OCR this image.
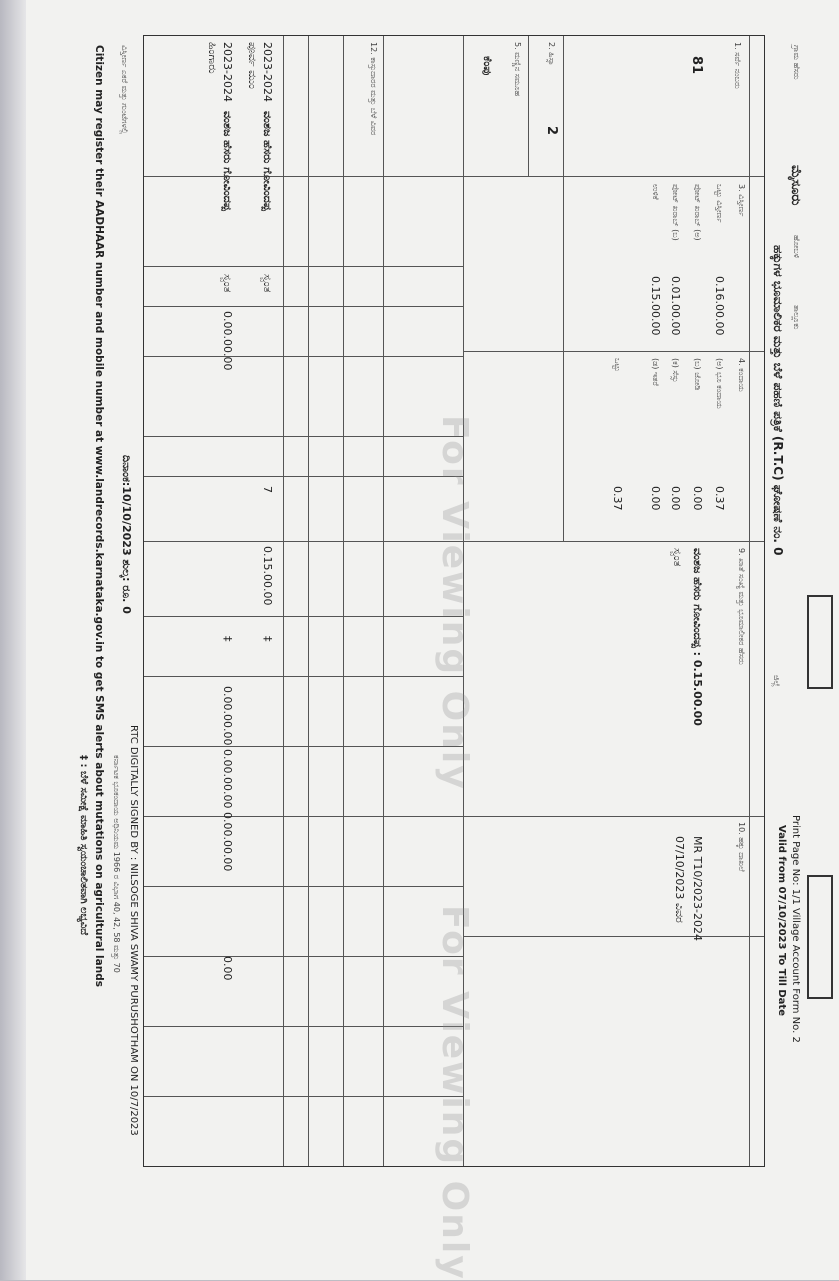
ಗ್ರಾಮ ಹೆಸರು
ಮೈಸೂರು
ಹೋಬಳಿ
ತಾಲ್ಲೂಕು
ಹಕ್ಕುಗಳ ಭೂಮಾಲಿಕರ ಮತ್ತು ಬೆಳೆ ಪಹಣಿ ಪತ್ರಿಕೆ (R.T.C) ಘೋಷಣೆ ನಂ. 0
ಜಿಲ್ಲೆ
Print Page No: 1/1 Village Account Form No. 2
Valid from 07/10/2023 To Till Date
1. ಸರ್ವೆ ನಂಬರು
81
2. ಹಿಸ್ಸಾ
2
5. ಮಣ್ಣಿನ ಸಮೂಹ
ಕೆಂಪು
3. ವಿಸ್ತೀರ್ಣ
ಒಟ್ಟು ವಿಸ್ತೀರ್ಣ
0.16.00.00
ಪೋಟ್ ಖರಾಬ್ (ಅ)
ಪೋಟ್ ಖರಾಬ್ (ಬ)
0.01.00.00
ಉಳಿಕೆ
0.15.00.00
4. ಕಂದಾಯ
(ಅ) ಭೂ ಕಂದಾಯ
0.37
(ಬ) ಜೋಡಿ
0.00
(ಕ) ಸೆಸ್ಸು
0.00
(ಡ) ಇತರೆ
0.00
ಒಟ್ಟು
0.37
9. ಖಾತೆ ಸಂಖ್ಯೆ ಮತ್ತು ಭೂಮಾಲೀಕರ ಹೆಸರು
ವಂಶಜ ಹೆಸರು ಗೋವಿಂದಪ್ಪ : 0.15.00.00
ಸ್ವಂತ
10. ಹಕ್ಕು ದಾಖಲೆ
MR T10/2023-2024
07/10/2023 ವಿವರ
12. ಕಾಸ್ತುದಾರರ ಮತ್ತು ಬೆಳೆ ವಿವರ
2023-2024
ಪೂರ್ವ ಮುಂ
ವಂಶಜ ಹೆಸರು ಗೋವಿಂದಪ್ಪ
ಸ್ವಂತ
7
0.15.00.00
‡
2023-2024
ಹಿಂಗಾರು
ವಂಶಜ ಹೆಸರು ಗೋವಿಂದಪ್ಪ
ಸ್ವಂತ
0.00.00.00
‡
0.00.00.00 0.00.00.00 0.00.00.00
0.00
For Viewing Only
For Viewing Only
ವಿಸ್ತೀರ್ಣ ಎಕರೆ ಮತ್ತು ಗುಂಟೆಗಳಲ್ಲಿ
ದಿನಾಂಕ:10/10/2023 ಶುಲ್ಕ: ರೂ. 0
RTC DIGITALLY SIGNED BY : NILSOGE SHIVA SWAMY PURUSHOTHAM ON 10/7/2023
ಕರ್ನಾಟಕ ಭೂಕಂದಾಯ ಅಧಿನಿಯಮ 1966 ರ ವಿಭಾಗ 40, 42, 58 ಮತ್ತು 70
Citizen may register their AADHAAR number and mobile number at www.landrecords.karnataka.gov.in to get SMS alerts about mutations on agricultural lands
‡ : ಬೆಳೆ ಸಮೀಕ್ಷೆ ಮಾಹಿತಿ ಸ್ವಯಂಚಾಲಿತವಾಗಿ ಲಭ್ಯವಿದೆ
